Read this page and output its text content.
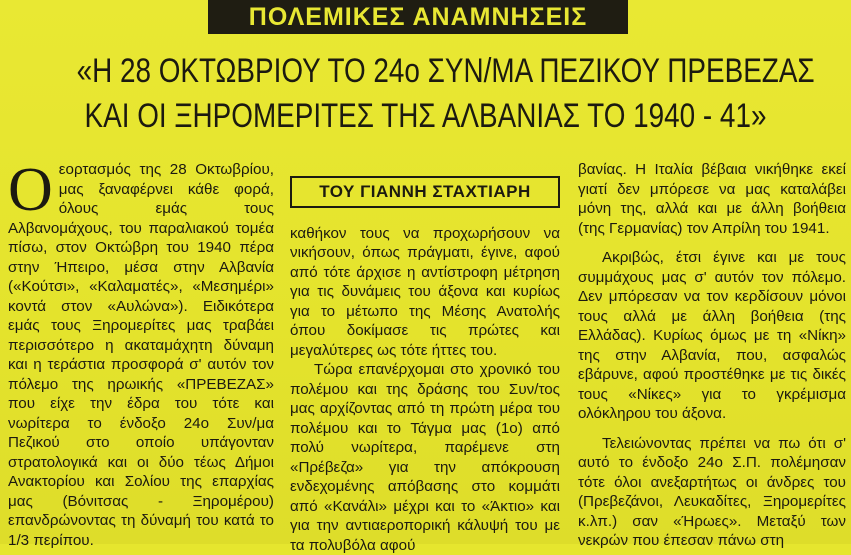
ΠΟΛΕΜΙΚΕΣ ΑΝΑΜΝΗΣΕΙΣ
«Η 28 ΟΚΤΩΒΡΙΟΥ ΤΟ 24ο ΣΥΝ/ΜΑ ΠΕΖΙΚΟΥ ΠΡΕΒΕΖΑΣ
ΚΑΙ ΟΙ ΞΗΡΟΜΕΡΙΤΕΣ ΤΗΣ ΑΛΒΑΝΙΑΣ ΤΟ 1940 - 41»
Ο εορτασμός της 28 Οκτωβρίου, μας ξαναφέρνει κάθε φορά, όλους εμάς τους Αλβανομάχους, του παραλιακού τομέα πίσω, στον Οκτώβρη του 1940 πέρα στην Ήπειρο, μέσα στην Αλβανία («Κούτσι», «Καλαματές», «Μεσημέρι» κοντά στον «Αυλώνα»). Ειδικότερα εμάς τους Ξηρομερίτες μας τραβάει περισσότερο η ακαταμάχητη δύναμη και η τεράστια προσφορά σ' αυτόν τον πόλεμο της ηρωικής «ΠΡΕΒΕΖΑΣ» που είχε την έδρα του τότε και νωρίτερα το ένδοξο 24ο Συν/μα Πεζικού στο οποίο υπάγονταν στρατολογικά και οι δύο τέως Δήμοι Ανακτορίου και Σολίου της επαρχίας μας (Βόνιτσας - Ξηρομέρου) επανδρώνοντας τη δύναμή του κατά το 1/3 περίπου.

ΤΟΥ ΓΙΑΝΝΗ ΣΤΑΧΤΙΑΡΗ

καθήκον τους να προχωρήσουν να νικήσουν, όπως πράγματι, έγινε, αφού από τότε άρχισε η αντίστροφη μέτρηση για τις δυνάμεις του άξονα και κυρίως για το μέτωπο της Μέσης Ανατολής όπου δοκίμασε τις πρώτες και μεγαλύτερες ως τότε ήττες του.

Τώρα επανέρχομαι στο χρονικό του πολέμου και της δράσης του Συν/τος μας αρχίζοντας από τη πρώτη μέρα του πολέμου και το Τάγμα μας (1ο) από πολύ νωρίτερα, παρέμενε στη «Πρέβεζα» για την απόκρουση ενδεχομένης απόβασης στο κομμάτι από «Κανάλι» μέχρι και το «Άκτιο» και για την αντιαεροπορική κάλυψή του με τα πολυβόλα αφού

βανίας. Η Ιταλία βέβαια νικήθηκε εκεί γιατί δεν μπόρεσε να μας καταλάβει μόνη της, αλλά και με άλλη βοήθεια (της Γερμανίας) τον Απρίλη του 1941.

Ακριβώς, έτσι έγινε και με τους συμμάχους μας σ' αυτόν τον πόλεμο. Δεν μπόρεσαν να τον κερδίσουν μόνοι τους αλλά με άλλη βοήθεια (της Ελλάδας). Κυρίως όμως με τη «Νίκη» της στην Αλβανία, που, ασφαλώς εβάρυνε, αφού προστέθηκε με τις δικές τους «Νίκες» για το γκρέμισμα ολόκληρου του άξονα.

Τελειώνοντας πρέπει να πω ότι σ' αυτό το ένδοξο 24ο Σ.Π. πολέμησαν τότε όλοι ανεξαρτήτως οι άνδρες του (Πρεβεζάνοι, Λευκαδίτες, Ξηρομερίτες κ.λπ.) σαν «Ήρωες». Μεταξύ των νεκρών που έπεσαν πάνω στη
